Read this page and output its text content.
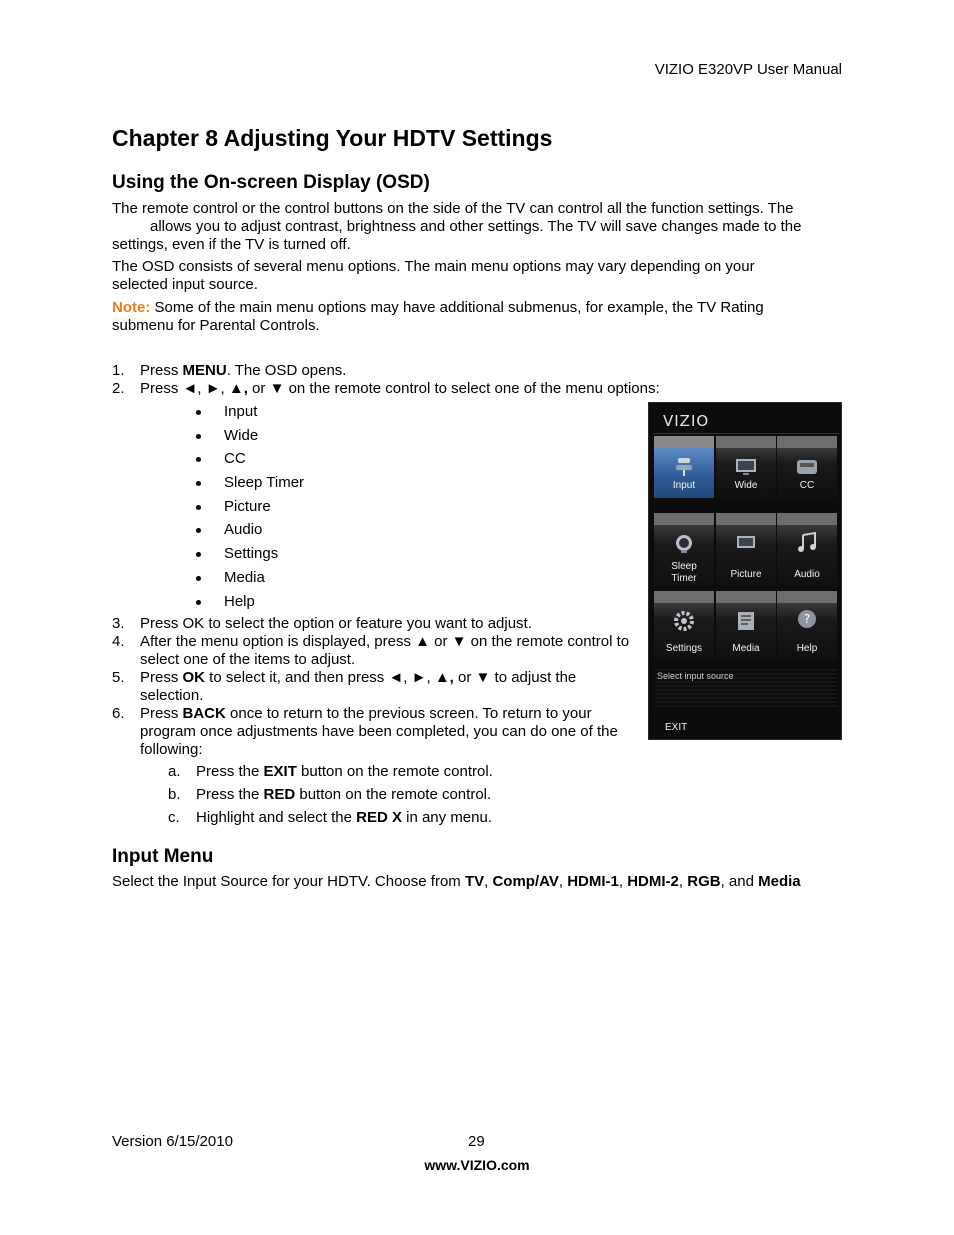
VIZIO E320VP User Manual
Chapter 8 Adjusting Your HDTV Settings
Using the On-screen Display (OSD)

The remote control or the control buttons on the side of the TV can control all the function settings. The

allows you to adjust contrast, brightness and other settings. The TV will save changes made to the

settings, even if the TV is turned off.

The OSD consists of several menu options. The main menu options may vary depending on your selected input source.
Note: Some of the main menu options may have additional submenus, for example, the TV Rating submenu for Parental Controls.
1. Press MENU. The OSD opens.
2. Press ◄, ►, ▲, or ▼ on the remote control to select one of the menu options:
Input
Wide
CC
Sleep Timer
Picture
Audio
Settings
Media
Help
3. Press OK to select the option or feature you want to adjust.
4. After the menu option is displayed, press ▲ or ▼ on the remote control to select one of the items to adjust.
5. Press OK to select it, and then press ◄, ►, ▲, or ▼ to adjust the selection.
6. Press BACK once to return to the previous screen. To return to your program once adjustments have been completed, you can do one of the following:
a. Press the EXIT button on the remote control.
b. Press the RED button on the remote control.
c. Highlight and select the RED X in any menu.
VIZIO
Input	Wide	CC
Sleep
Timer	Picture	Audio
Settings	Media
?
Help
Select input source
EXIT
Input Menu
Select the Input Source for your HDTV. Choose from TV, Comp/AV, HDMI-1, HDMI-2, RGB, and Media
Version 6/15/2010	29
www.VIZIO.com
